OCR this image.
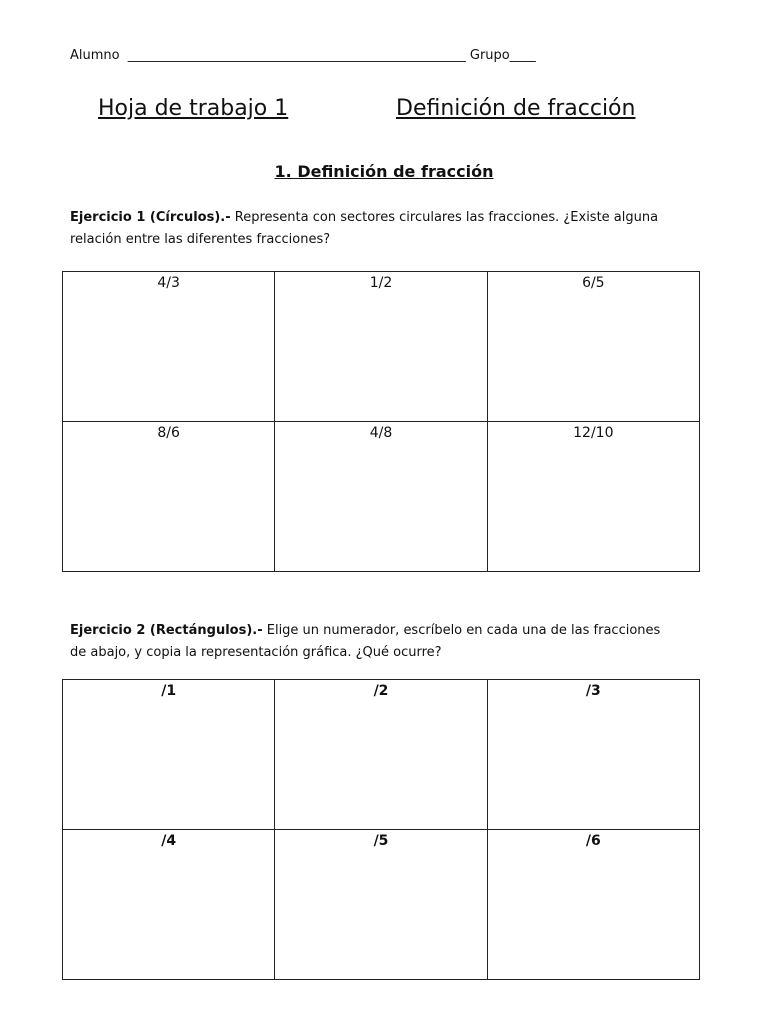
Alumno ____________________________________________________ Grupo____
Hoja de trabajo 1	Definición de fracción
1. Definición de fracción
Ejercicio 1 (Círculos).- Representa con sectores circulares las fracciones. ¿Existe alguna relación entre las diferentes fracciones?
4/3	1/2	6/5
8/6	4/8	12/10
Ejercicio 2 (Rectángulos).- Elige un numerador, escríbelo en cada una de las fracciones de abajo, y copia la representación gráfica. ¿Qué ocurre?
/1	/2	/3
/4	/5	/6
